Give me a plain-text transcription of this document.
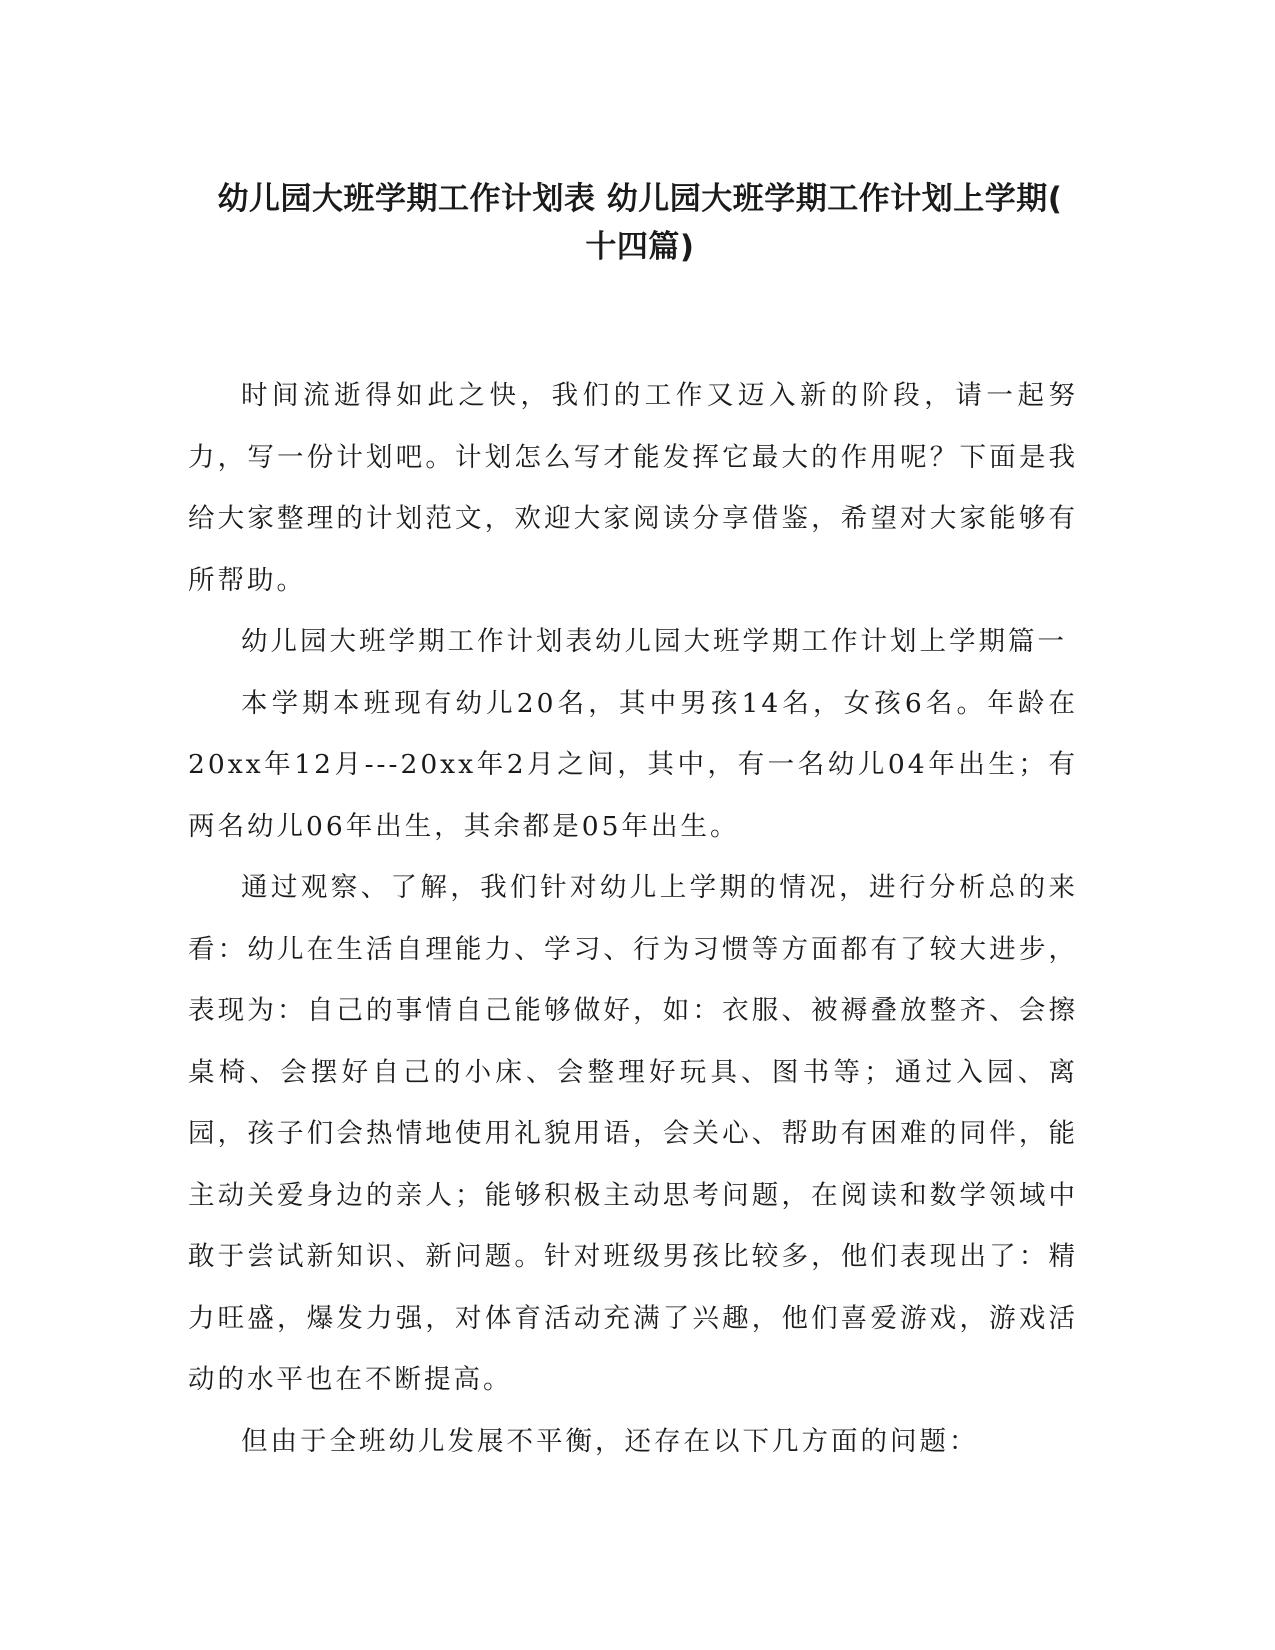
幼儿园大班学期工作计划表 幼儿园大班学期工作计划上学期(
十四篇)

时间流逝得如此之快，我们的工作又迈入新的阶段，请一起努力，写一份计划吧。计划怎么写才能发挥它最大的作用呢？下面是我给大家整理的计划范文，欢迎大家阅读分享借鉴，希望对大家能够有所帮助。

幼儿园大班学期工作计划表幼儿园大班学期工作计划上学期篇一

本学期本班现有幼儿20名，其中男孩14名，女孩6名。年龄在20xx年12月---20xx年2月之间，其中，有一名幼儿04年出生；有两名幼儿06年出生，其余都是05年出生。

通过观察、了解，我们针对幼儿上学期的情况，进行分析总的来看：幼儿在生活自理能力、学习、行为习惯等方面都有了较大进步，表现为：自己的事情自己能够做好，如：衣服、被褥叠放整齐、会擦桌椅、会摆好自己的小床、会整理好玩具、图书等；通过入园、离园，孩子们会热情地使用礼貌用语，会关心、帮助有困难的同伴，能主动关爱身边的亲人；能够积极主动思考问题，在阅读和数学领域中敢于尝试新知识、新问题。针对班级男孩比较多，他们表现出了：精力旺盛，爆发力强，对体育活动充满了兴趣，他们喜爱游戏，游戏活动的水平也在不断提高。

但由于全班幼儿发展不平衡，还存在以下几方面的问题：
